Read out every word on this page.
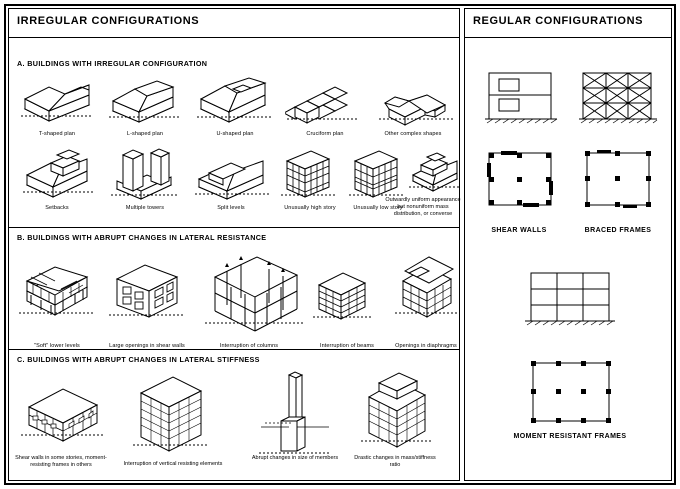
IRREGULAR CONFIGURATIONS
A. BUILDINGS WITH IRREGULAR CONFIGURATION
T-shaped plan	L-shaped plan	U-shaped plan	Cruciform plan	Other complex shapes
Setbacks	Multiple towers	Split levels	Unusually high story	Unusually low story
Outwardly uniform appearance but nonuniform mass distribution, or converse
B. BUILDINGS WITH ABRUPT CHANGES IN LATERAL RESISTANCE
"Soft" lower levels	Large openings in shear walls	Interruption of columns	Interruption of beams	Openings in diaphragms
C. BUILDINGS WITH ABRUPT CHANGES IN LATERAL STIFFNESS
Shear walls in some stories, moment-resisting frames in others	Interruption of vertical resisting elements
Abrupt changes in size of members	Drastic changes in mass/stiffness ratio
REGULAR CONFIGURATIONS
SHEAR WALLS	BRACED FRAMES
MOMENT RESISTANT FRAMES
